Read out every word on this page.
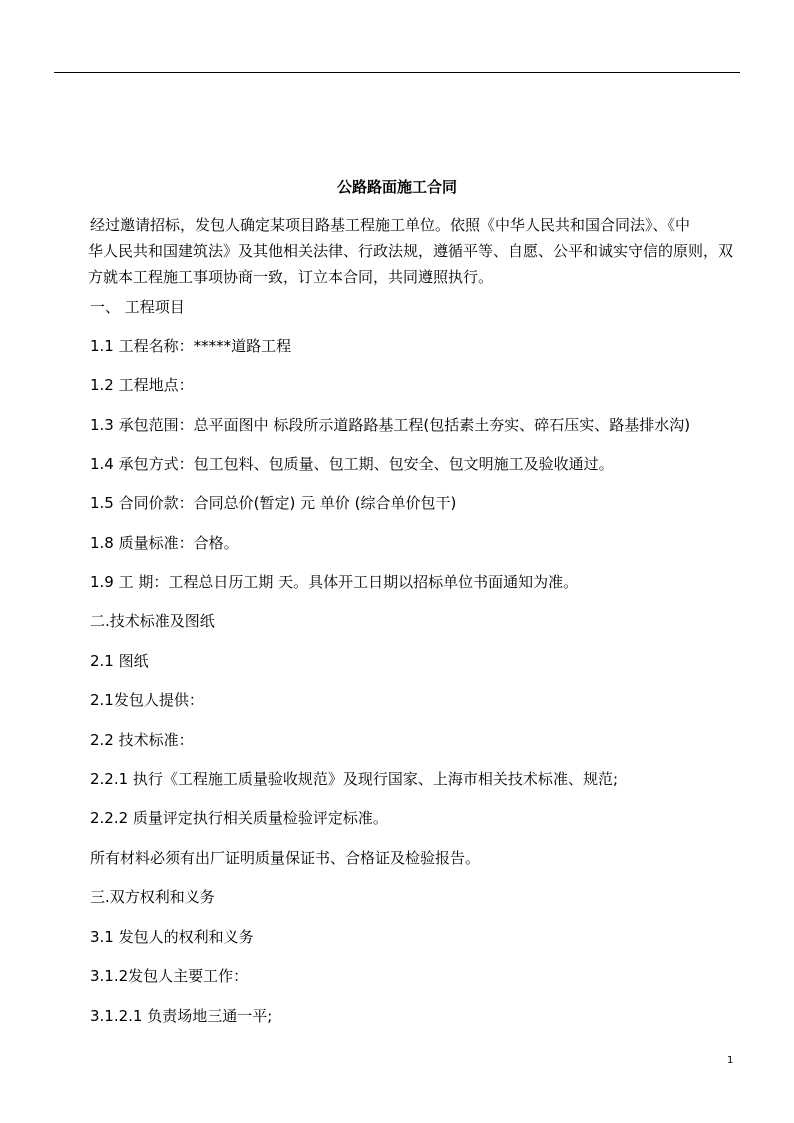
公路路面施工合同
经过邀请招标，发包人确定某项目路基工程施工单位。依照《中华人民共和国合同法》、《中
华人民共和国建筑法》及其他相关法律、行政法规，遵循平等、自愿、公平和诚实守信的原则，双
方就本工程施工事项协商一致，订立本合同，共同遵照执行。
一、 工程项目
1.1 工程名称：*****道路工程
1.2 工程地点：
1.3 承包范围：总平面图中 标段所示道路路基工程(包括素土夯实、碎石压实、路基排水沟)
1.4 承包方式：包工包料、包质量、包工期、包安全、包文明施工及验收通过。
1.5 合同价款：合同总价(暂定) 元 单价 (综合单价包干)
1.8 质量标准：合格。
1.9 工 期：工程总日历工期 天。具体开工日期以招标单位书面通知为准。
二.技术标准及图纸
2.1 图纸
2.1发包人提供：
2.2 技术标准：
2.2.1 执行《工程施工质量验收规范》及现行国家、上海市相关技术标准、规范;
2.2.2 质量评定执行相关质量检验评定标准。
所有材料必须有出厂证明质量保证书、合格证及检验报告。
三.双方权利和义务
3.1 发包人的权利和义务
3.1.2发包人主要工作：
3.1.2.1 负责场地三通一平;
1
